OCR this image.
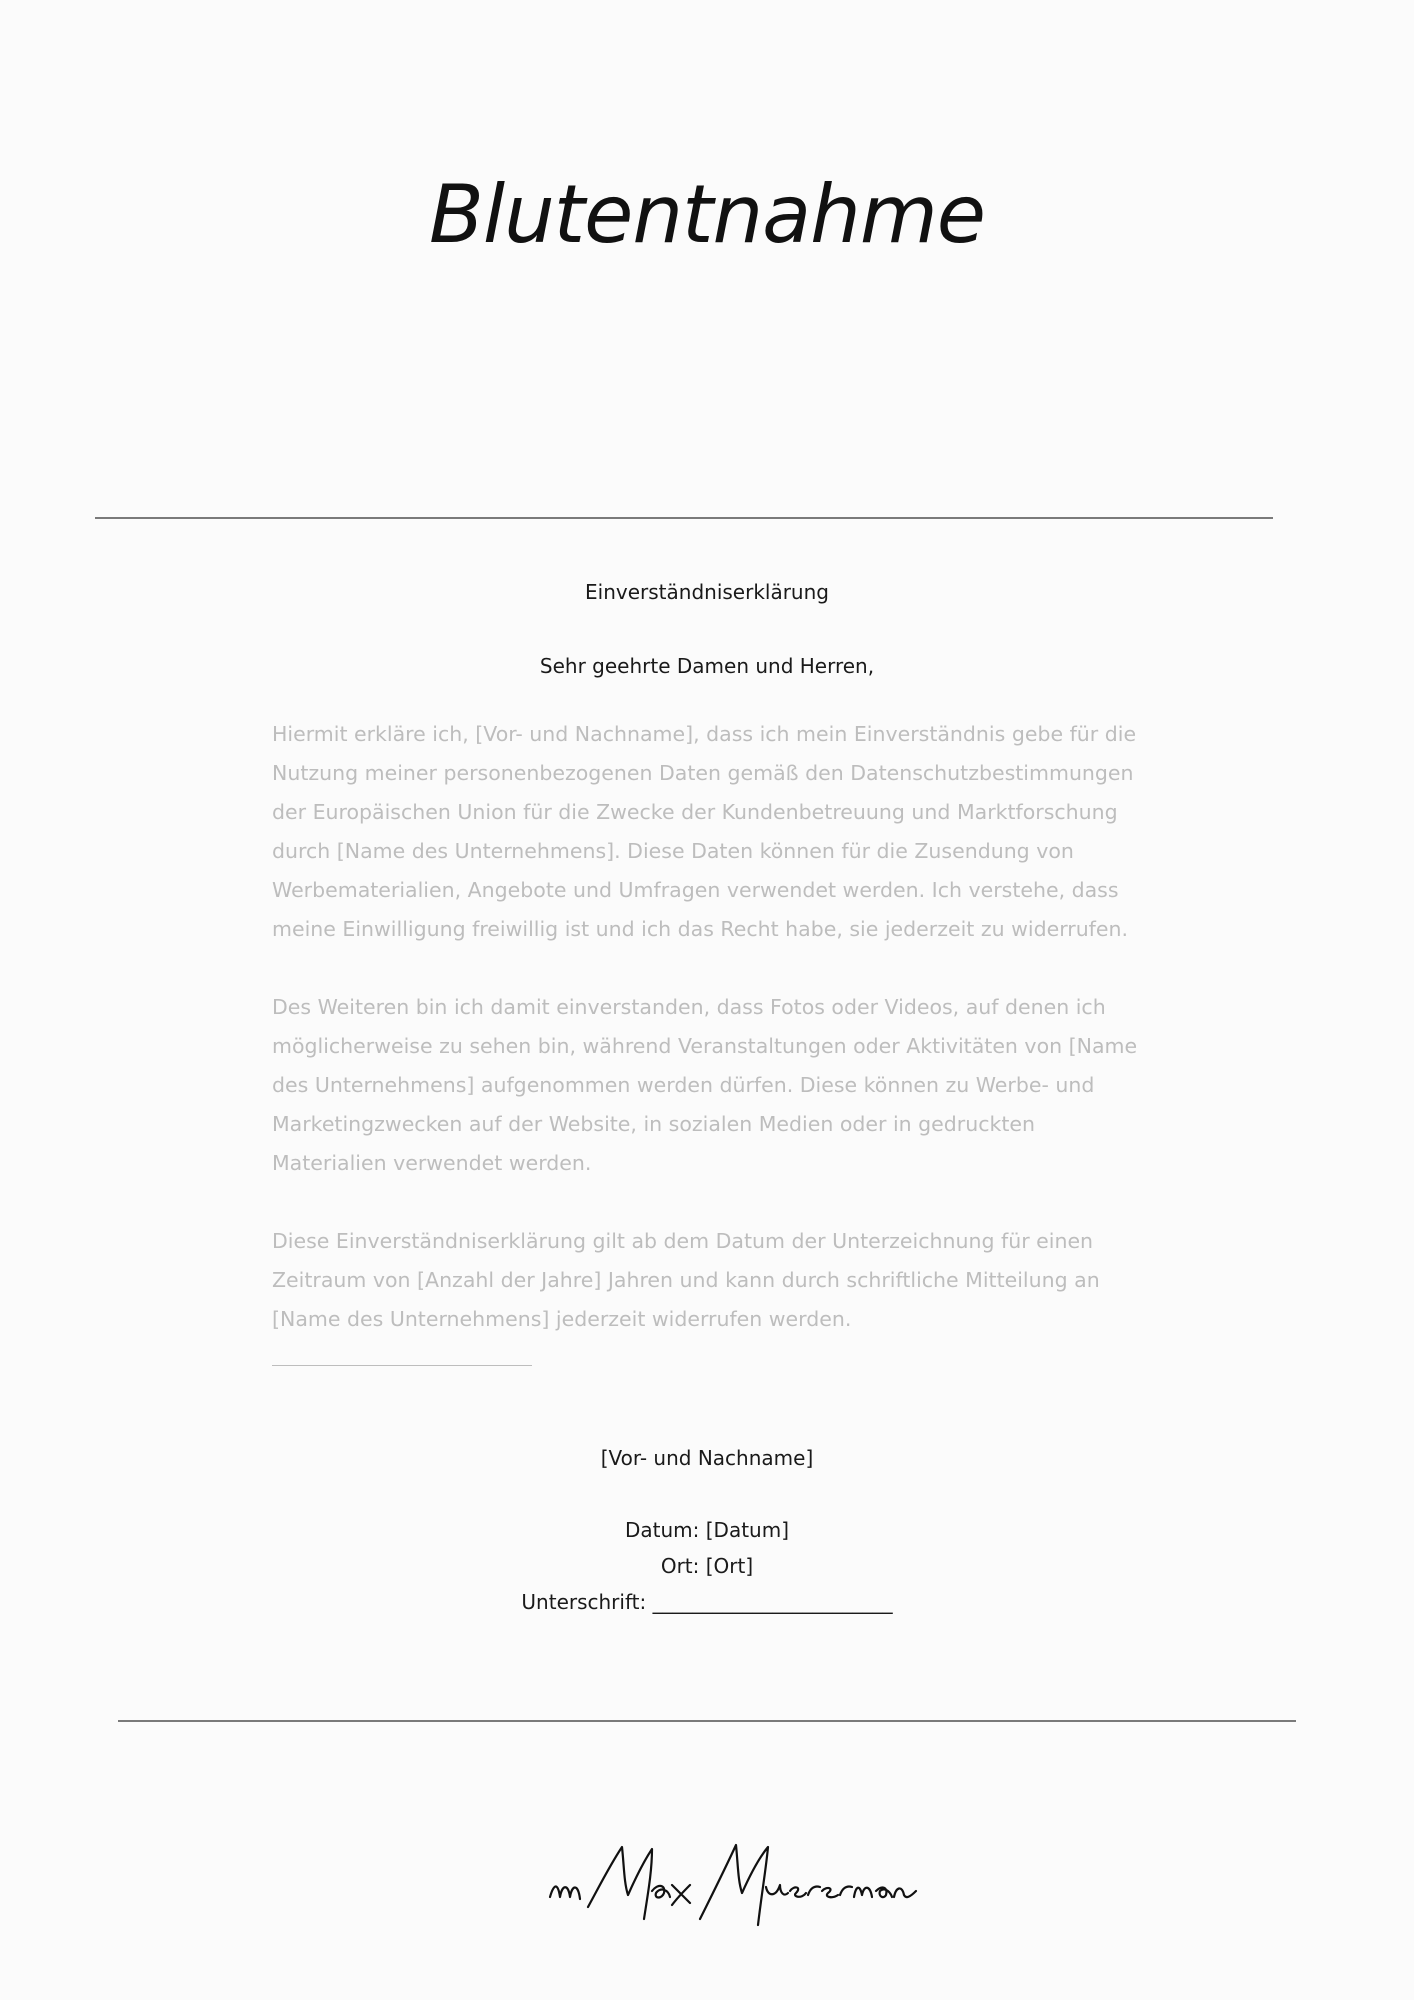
Blutentnahme
Einverständniserklärung
Sehr geehrte Damen und Herren,

Hiermit erkläre ich, [Vor- und Nachname], dass ich mein Einverständnis gebe für die
Nutzung meiner personenbezogenen Daten gemäß den Datenschutzbestimmungen
der Europäischen Union für die Zwecke der Kundenbetreuung und Marktforschung
durch [Name des Unternehmens]. Diese Daten können für die Zusendung von
Werbematerialien, Angebote und Umfragen verwendet werden. Ich verstehe, dass
meine Einwilligung freiwillig ist und ich das Recht habe, sie jederzeit zu widerrufen.

Des Weiteren bin ich damit einverstanden, dass Fotos oder Videos, auf denen ich
möglicherweise zu sehen bin, während Veranstaltungen oder Aktivitäten von [Name
des Unternehmens] aufgenommen werden dürfen. Diese können zu Werbe- und
Marketingzwecken auf der Website, in sozialen Medien oder in gedruckten
Materialien verwendet werden.

Diese Einverständniserklärung gilt ab dem Datum der Unterzeichnung für einen
Zeitraum von [Anzahl der Jahre] Jahren und kann durch schriftliche Mitteilung an
[Name des Unternehmens] jederzeit widerrufen werden.

[Vor- und Nachname]
Datum: [Datum]
Ort: [Ort]
Unterschrift: ________________________
